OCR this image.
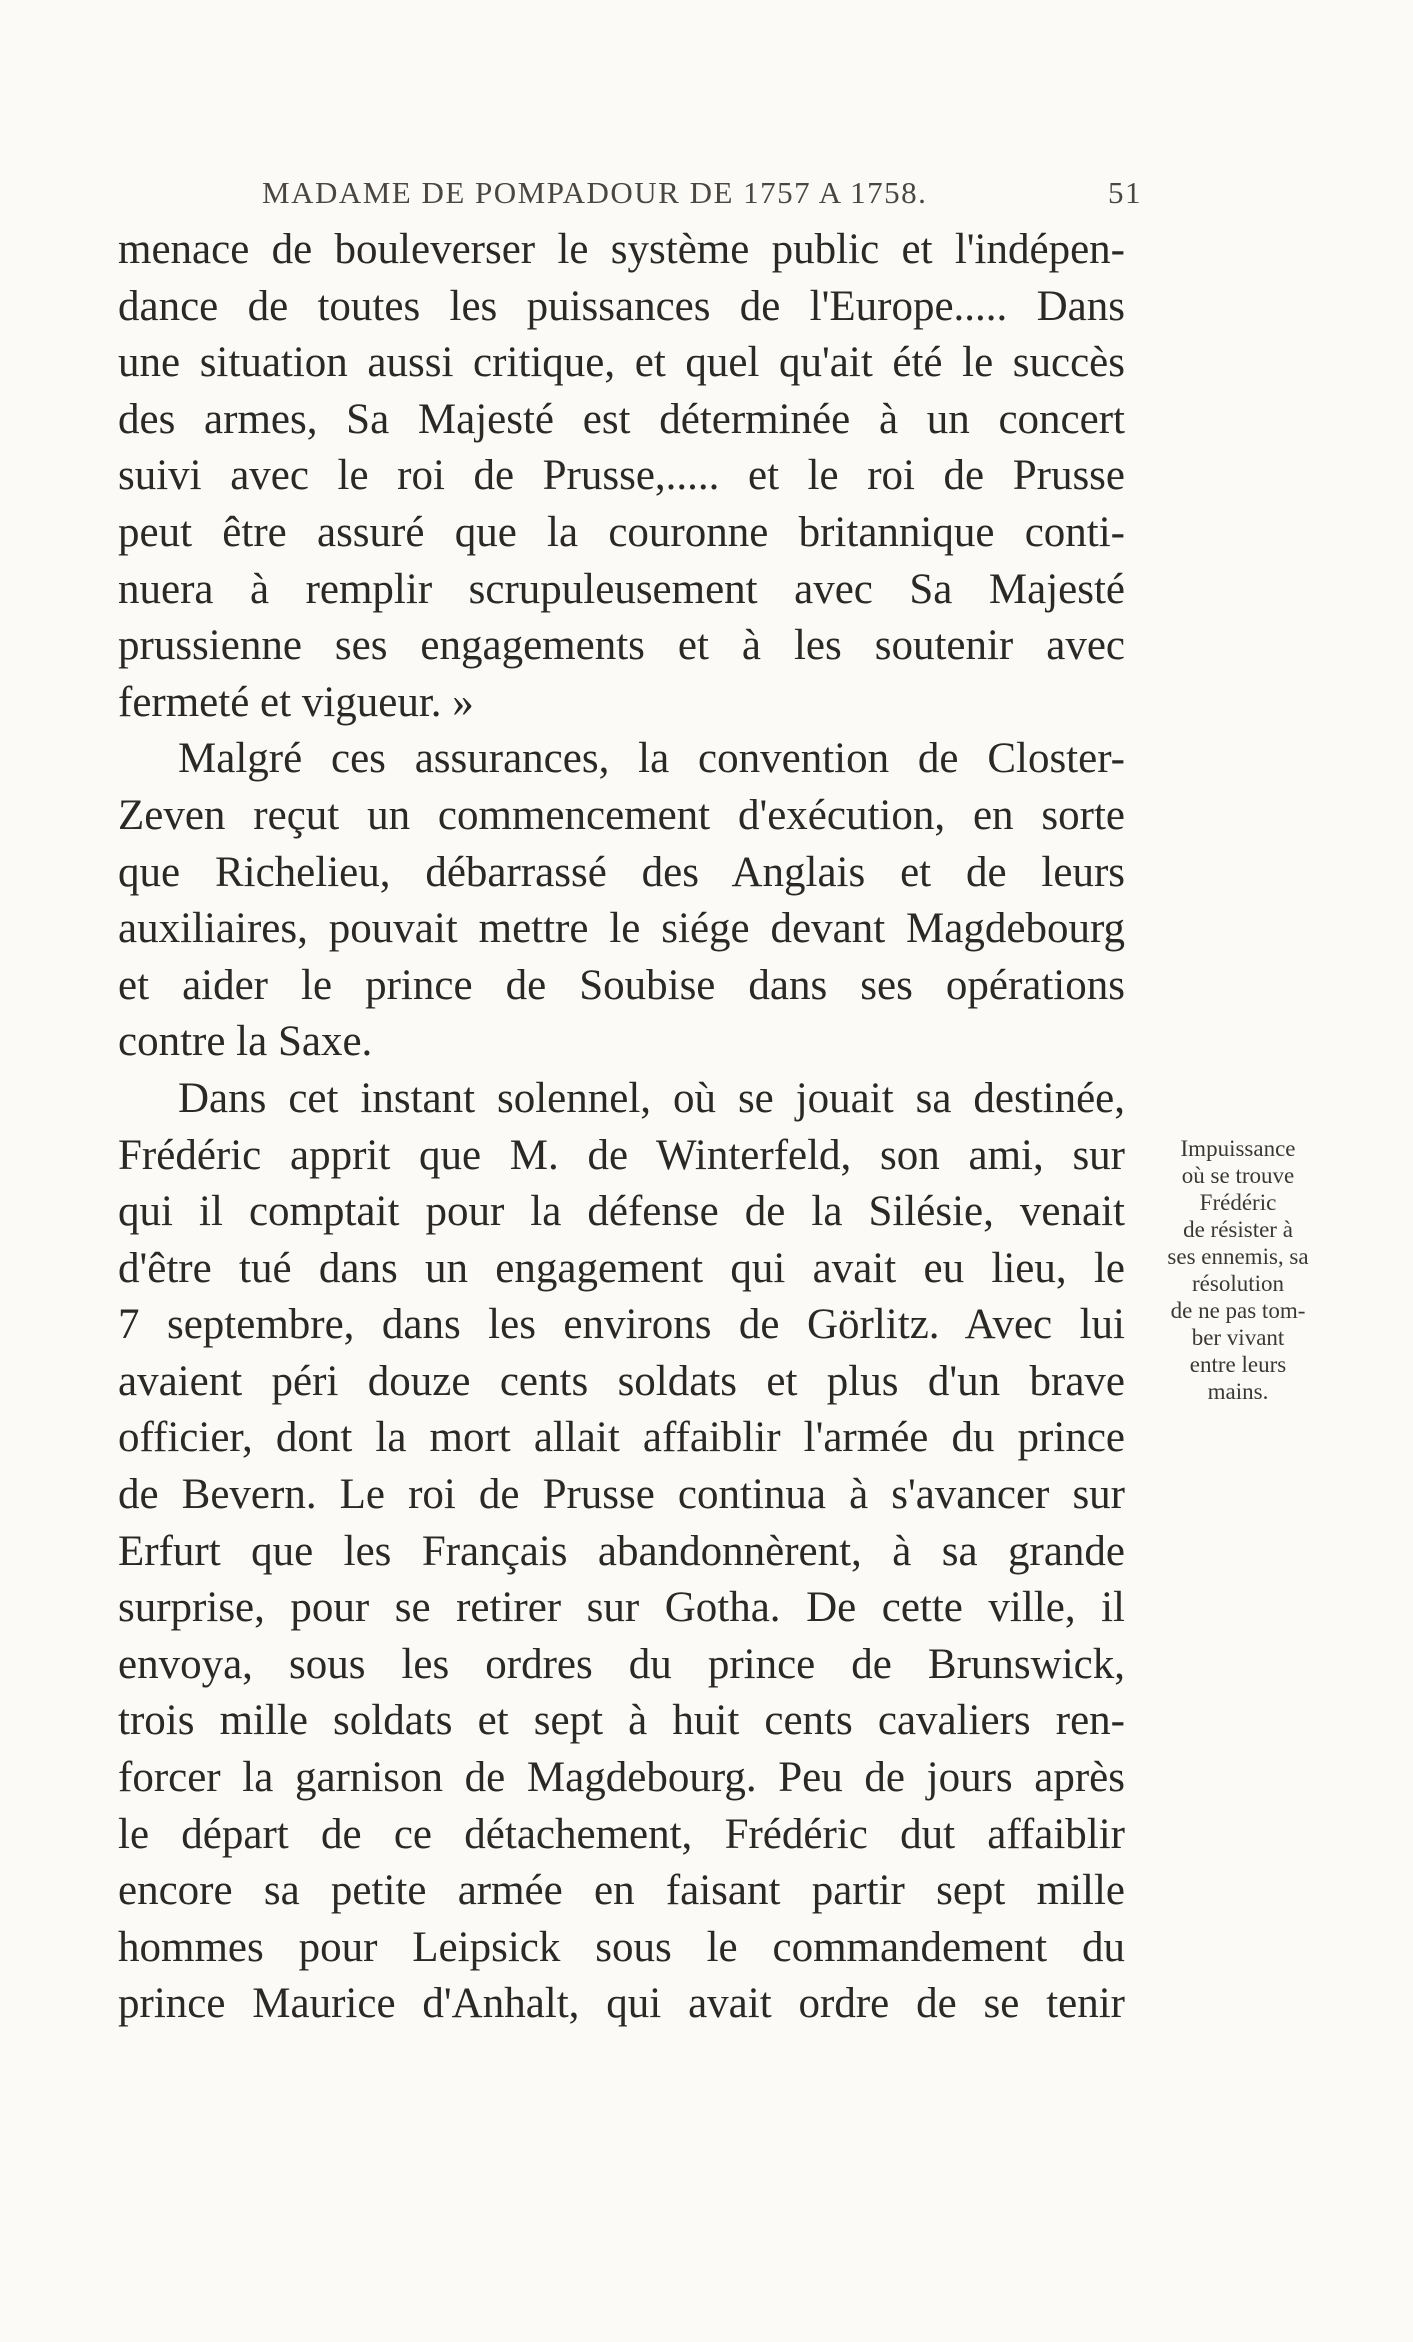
MADAME DE POMPADOUR DE 1757 A 1758.	51
menace de bouleverser le système public et l'indépen-
dance de toutes les puissances de l'Europe..... Dans
une situation aussi critique, et quel qu'ait été le succès
des armes, Sa Majesté est déterminée à un concert
suivi avec le roi de Prusse,..... et le roi de Prusse
peut être assuré que la couronne britannique conti-
nuera à remplir scrupuleusement avec Sa Majesté
prussienne ses engagements et à les soutenir avec
fermeté et vigueur. »
Malgré ces assurances, la convention de Closter-
Zeven reçut un commencement d'exécution, en sorte
que Richelieu, débarrassé des Anglais et de leurs
auxiliaires, pouvait mettre le siége devant Magdebourg
et aider le prince de Soubise dans ses opérations
contre la Saxe.
Dans cet instant solennel, où se jouait sa destinée,
Frédéric apprit que M. de Winterfeld, son ami, sur
qui il comptait pour la défense de la Silésie, venait
d'être tué dans un engagement qui avait eu lieu, le
7 septembre, dans les environs de Görlitz. Avec lui
avaient péri douze cents soldats et plus d'un brave
officier, dont la mort allait affaiblir l'armée du prince
de Bevern. Le roi de Prusse continua à s'avancer sur
Erfurt que les Français abandonnèrent, à sa grande
surprise, pour se retirer sur Gotha. De cette ville, il
envoya, sous les ordres du prince de Brunswick,
trois mille soldats et sept à huit cents cavaliers ren-
forcer la garnison de Magdebourg. Peu de jours après
le départ de ce détachement, Frédéric dut affaiblir
encore sa petite armée en faisant partir sept mille
hommes pour Leipsick sous le commandement du
prince Maurice d'Anhalt, qui avait ordre de se tenir
Impuissance
où se trouve
Frédéric
de résister à
ses ennemis, sa
résolution
de ne pas tom-
ber vivant
entre leurs
mains.
